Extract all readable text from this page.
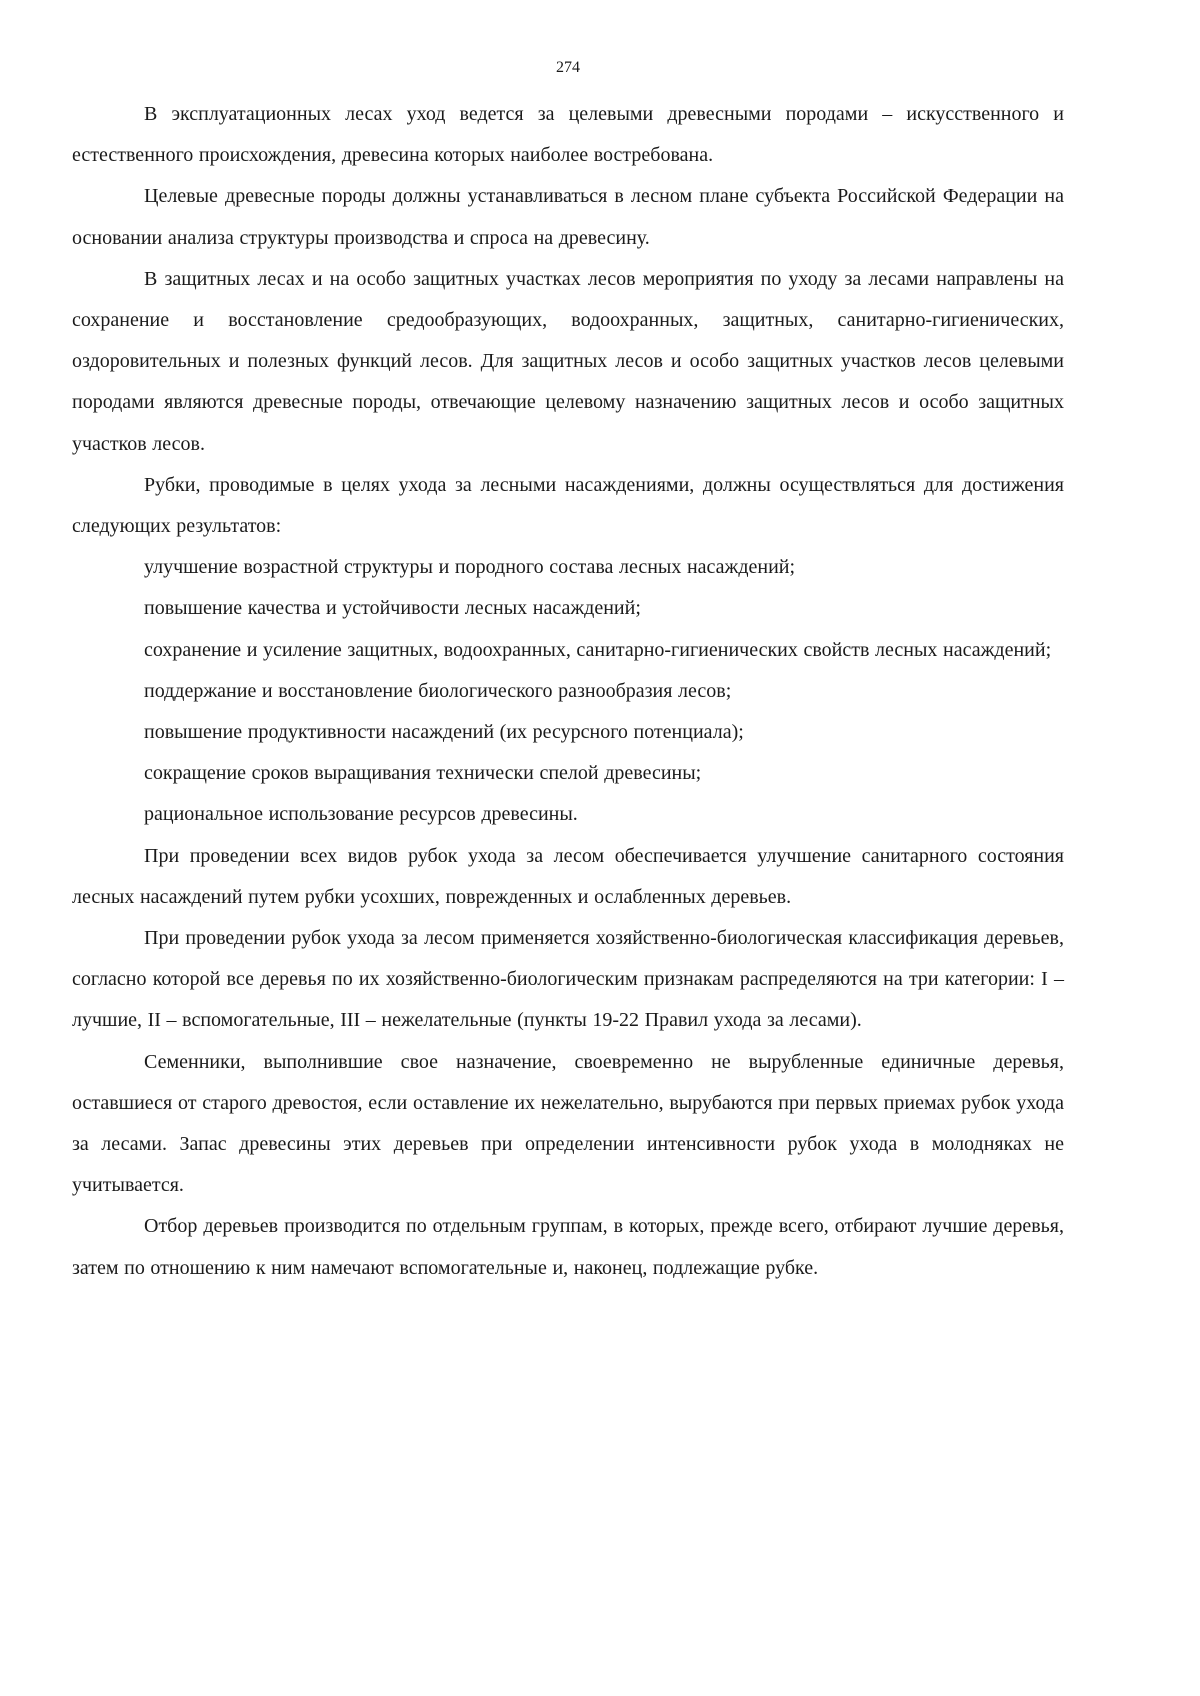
274

В эксплуатационных лесах уход ведется за целевыми древесными породами – искусственного и естественного происхождения, древесина которых наиболее востребована.

Целевые древесные породы должны устанавливаться в лесном плане субъекта Российской Федерации на основании анализа структуры производства и спроса на древесину.

В защитных лесах и на особо защитных участках лесов мероприятия по уходу за лесами направлены на сохранение и восстановление средообразующих, водоохранных, защитных, санитарно-гигиенических, оздоровительных и полезных функций лесов. Для защитных лесов и особо защитных участков лесов целевыми породами являются древесные породы, отвечающие целевому назначению защитных лесов и особо защитных участков лесов.

Рубки, проводимые в целях ухода за лесными насаждениями, должны осуществляться для достижения следующих результатов:

улучшение возрастной структуры и породного состава лесных насаждений;

повышение качества и устойчивости лесных насаждений;

сохранение и усиление защитных, водоохранных, санитарно-гигиенических свойств лесных насаждений;

поддержание и восстановление биологического разнообразия лесов;

повышение продуктивности насаждений (их ресурсного потенциала);

сокращение сроков выращивания технически спелой древесины;

рациональное использование ресурсов древесины.

При проведении всех видов рубок ухода за лесом обеспечивается улучшение санитарного состояния лесных насаждений путем рубки усохших, поврежденных и ослабленных деревьев.

При проведении рубок ухода за лесом применяется хозяйственно-биологическая классификация деревьев, согласно которой все деревья по их хозяйственно-биологическим признакам распределяются на три категории: I – лучшие, II – вспомогательные, III – нежелательные (пункты 19-22 Правил ухода за лесами).

Семенники, выполнившие свое назначение, своевременно не вырубленные единичные деревья, оставшиеся от старого древостоя, если оставление их нежелательно, вырубаются при первых приемах рубок ухода за лесами. Запас древесины этих деревьев при определении интенсивности рубок ухода в молодняках не учитывается.

Отбор деревьев производится по отдельным группам, в которых, прежде всего, отбирают лучшие деревья, затем по отношению к ним намечают вспомогательные и, наконец, подлежащие рубке.
